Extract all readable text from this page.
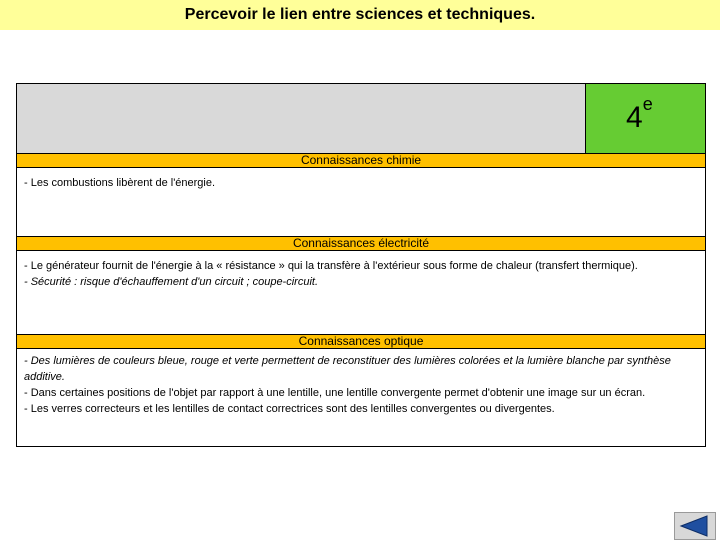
Percevoir le lien entre sciences et techniques.
4e
Connaissances chimie
- Les combustions libèrent de l'énergie.
Connaissances électricité
- Le générateur fournit de l'énergie à la « résistance » qui la transfère à l'extérieur sous forme de chaleur (transfert thermique).
- Sécurité : risque d'échauffement d'un circuit ; coupe-circuit.
Connaissances optique
- Des lumières de couleurs bleue, rouge et verte permettent de reconstituer des lumières colorées et la lumière blanche par synthèse additive.
- Dans certaines positions de l'objet par rapport à une lentille, une lentille convergente permet d'obtenir une image sur un écran.
- Les verres correcteurs et les lentilles de contact correctrices sont des lentilles convergentes ou divergentes.
